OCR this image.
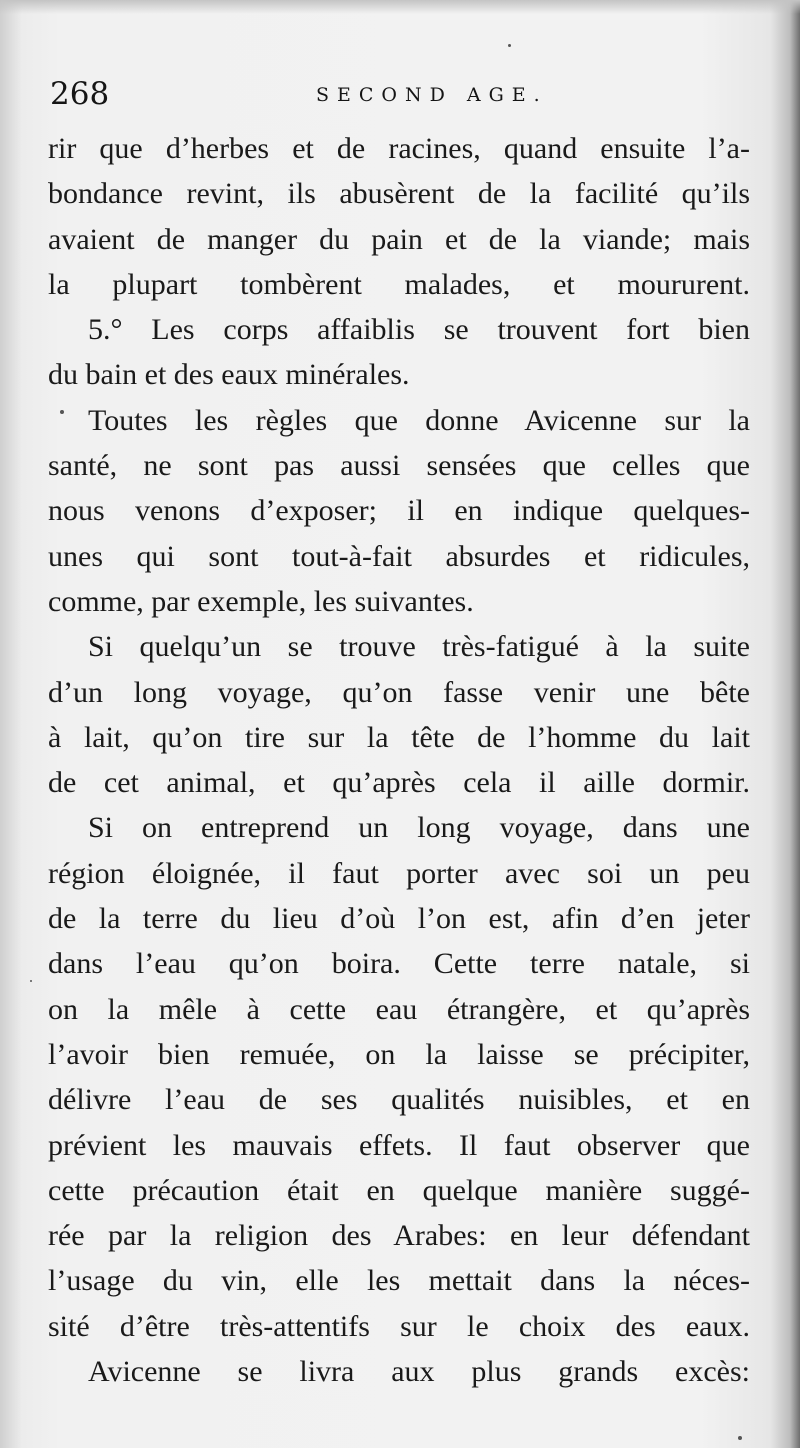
268	SECOND AGE.
rir que d’herbes et de racines, quand ensuite l’a-
bondance revint, ils abusèrent de la facilité qu’ils
avaient de manger du pain et de la viande; mais
la plupart tombèrent malades, et moururent.
5.° Les corps affaiblis se trouvent fort bien
du bain et des eaux minérales.
Toutes les règles que donne Avicenne sur la
santé, ne sont pas aussi sensées que celles que
nous venons d’exposer; il en indique quelques-
unes qui sont tout-à-fait absurdes et ridicules,
comme, par exemple, les suivantes.
Si quelqu’un se trouve très-fatigué à la suite
d’un long voyage, qu’on fasse venir une bête
à lait, qu’on tire sur la tête de l’homme du lait
de cet animal, et qu’après cela il aille dormir.
Si on entreprend un long voyage, dans une
région éloignée, il faut porter avec soi un peu
de la terre du lieu d’où l’on est, afin d’en jeter
dans l’eau qu’on boira. Cette terre natale, si
on la mêle à cette eau étrangère, et qu’après
l’avoir bien remuée, on la laisse se précipiter,
délivre l’eau de ses qualités nuisibles, et en
prévient les mauvais effets. Il faut observer que
cette précaution était en quelque manière suggé-
rée par la religion des Arabes: en leur défendant
l’usage du vin, elle les mettait dans la néces-
sité d’être très-attentifs sur le choix des eaux.
Avicenne se livra aux plus grands excès:
